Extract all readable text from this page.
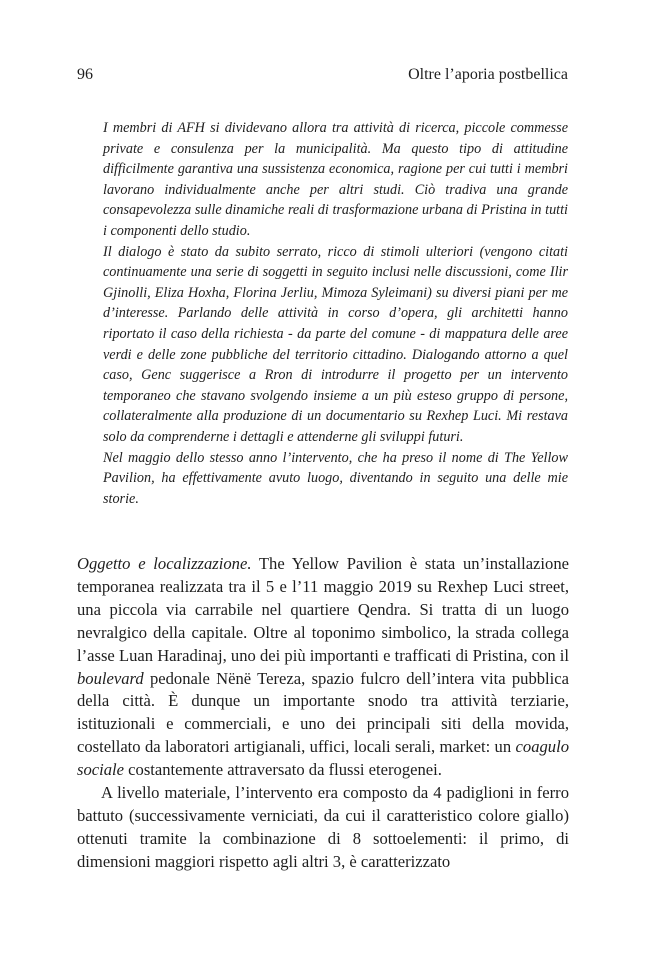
96	Oltre l’aporia postbellica

I membri di AFH si dividevano allora tra attività di ricerca, piccole commesse private e consulenza per la municipalità. Ma questo tipo di attitudine difficilmente garantiva una sussistenza economica, ragione per cui tutti i membri lavorano individualmente anche per altri studi. Ciò tradiva una grande consapevolezza sulle dinamiche reali di trasformazione urbana di Pristina in tutti i componenti dello studio.

Il dialogo è stato da subito serrato, ricco di stimoli ulteriori (vengono citati continuamente una serie di soggetti in seguito inclusi nelle discussioni, come Ilir Gjinolli, Eliza Hoxha, Florina Jerliu, Mimoza Syleimani) su diversi piani per me d’interesse. Parlando delle attività in corso d’opera, gli architetti hanno riportato il caso della richiesta - da parte del comune - di mappatura delle aree verdi e delle zone pubbliche del territorio cittadino. Dialogando attorno a quel caso, Genc suggerisce a Rron di introdurre il progetto per un intervento temporaneo che stavano svolgendo insieme a un più esteso gruppo di persone, collateralmente alla produzione di un documentario su Rexhep Luci. Mi restava solo da comprenderne i dettagli e attenderne gli sviluppi futuri.

Nel maggio dello stesso anno l’intervento, che ha preso il nome di The Yellow Pavilion, ha effettivamente avuto luogo, diventando in seguito una delle mie storie.

Oggetto e localizzazione. The Yellow Pavilion è stata un’installazione temporanea realizzata tra il 5 e l’11 maggio 2019 su Rexhep Luci street, una piccola via carrabile nel quartiere Qendra. Si tratta di un luogo nevralgico della capitale. Oltre al toponimo simbolico, la strada collega l’asse Luan Haradinaj, uno dei più importanti e trafficati di Pristina, con il boulevard pedonale Nënë Tereza, spazio fulcro dell’intera vita pubblica della città. È dunque un importante snodo tra attività terziarie, istituzionali e commerciali, e uno dei principali siti della movida, costellato da laboratori artigianali, uffici, locali serali, market: un coagulo sociale costantemente attraversato da flussi eterogenei.

A livello materiale, l’intervento era composto da 4 padiglioni in ferro battuto (successivamente verniciati, da cui il caratteristico colore giallo) ottenuti tramite la combinazione di 8 sottoelementi: il primo, di dimensioni maggiori rispetto agli altri 3, è caratterizzato
